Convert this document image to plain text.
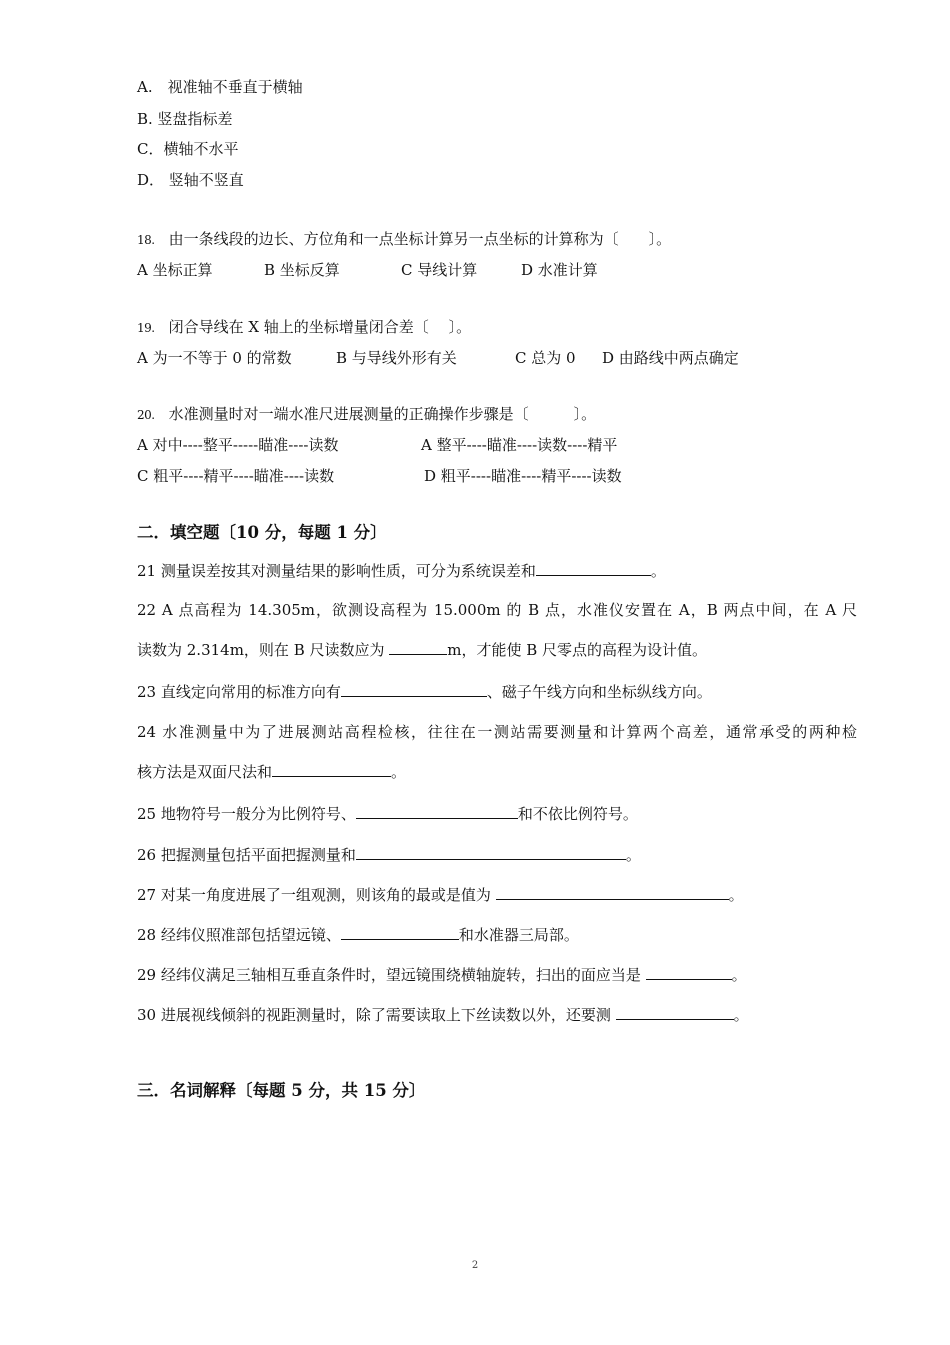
A.　视准轴不垂直于横轴
B. 竖盘指标差
C．横轴不水平
D． 竖轴不竖直
18. 由一条线段的边长、方位角和一点坐标计算另一点坐标的计算称为〔　　〕。
A 坐标正算	B 坐标反算	C 导线计算	D 水准计算
19. 闭合导线在 X 轴上的坐标增量闭合差〔　 〕。
A 为一不等于 0 的常数	B 与导线外形有关	C 总为 0 D 由路线中两点确定
20. 水准测量时对一端水准尺进展测量的正确操作步骤是〔　　　〕。
A 对中----整平-----瞄准----读数	A 整平----瞄准----读数----精平
C 粗平----精平----瞄准----读数	D 粗平----瞄准----精平----读数
二．填空题〔10 分，每题 1 分〕
21 测量误差按其对测量结果的影响性质，可分为系统误差和	。
22 A 点高程为 14.305m，欲测设高程为 15.000m 的 B 点，水准仪安置在 A，B 两点中间，在 A 尺
读数为 2.314m，则在 B 尺读数应为	m，才能使 B 尺零点的高程为设计值。
23 直线定向常用的标准方向有	、磁子午线方向和坐标纵线方向。
24 水准测量中为了进展测站高程检核，往往在一测站需要测量和计算两个高差，通常承受的两种检
核方法是双面尺法和	。
25 地物符号一般分为比例符号、	和不依比例符号。
26 把握测量包括平面把握测量和	。
27 对某一角度进展了一组观测，则该角的最或是值为	。
28 经纬仪照准部包括望远镜、	和水准器三局部。
29 经纬仪满足三轴相互垂直条件时，望远镜围绕横轴旋转，扫出的面应当是	。
30 进展视线倾斜的视距测量时，除了需要读取上下丝读数以外，还要测	。
三．名词解释〔每题 5 分，共 15 分〕
2
